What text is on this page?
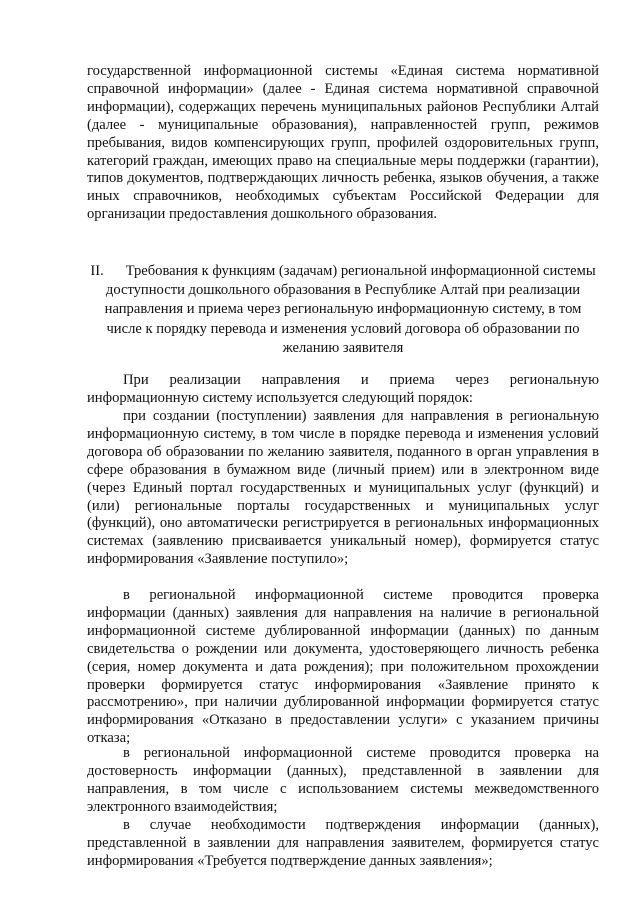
государственной информационной системы «Единая система нормативной справочной информации» (далее - Единая система нормативной справочной информации), содержащих перечень муниципальных районов Республики Алтай (далее - муниципальные образования), направленностей групп, режимов пребывания, видов компенсирующих групп, профилей оздоровительных групп, категорий граждан, имеющих право на специальные меры поддержки (гарантии), типов документов, подтверждающих личность ребенка, языков обучения, а также иных справочников, необходимых субъектам Российской Федерации для организации предоставления дошкольного образования.

II. Требования к функциям (задачам) региональной информационной системы доступности дошкольного образования в Республике Алтай при реализации направления и приема через региональную информационную систему, в том числе к порядку перевода и изменения условий договора об образовании по желанию заявителя

При реализации направления и приема через региональную информационную систему используется следующий порядок:

при создании (поступлении) заявления для направления в региональную информационную систему, в том числе в порядке перевода и изменения условий договора об образовании по желанию заявителя, поданного в орган управления в сфере образования в бумажном виде (личный прием) или в электронном виде (через Единый портал государственных и муниципальных услуг (функций) и (или) региональные порталы государственных и муниципальных услуг (функций), оно автоматически регистрируется в региональных информационных системах (заявлению присваивается уникальный номер), формируется статус информирования «Заявление поступило»;

в региональной информационной системе проводится проверка информации (данных) заявления для направления на наличие в региональной информационной системе дублированной информации (данных) по данным свидетельства о рождении или документа, удостоверяющего личность ребенка (серия, номер документа и дата рождения); при положительном прохождении проверки формируется статус информирования «Заявление принято к рассмотрению», при наличии дублированной информации формируется статус информирования «Отказано в предоставлении услуги» с указанием причины отказа;

в региональной информационной системе проводится проверка на достоверность информации (данных), представленной в заявлении для направления, в том числе с использованием системы межведомственного электронного взаимодействия;

в случае необходимости подтверждения информации (данных), представленной в заявлении для направления заявителем, формируется статус информирования «Требуется подтверждение данных заявления»;
